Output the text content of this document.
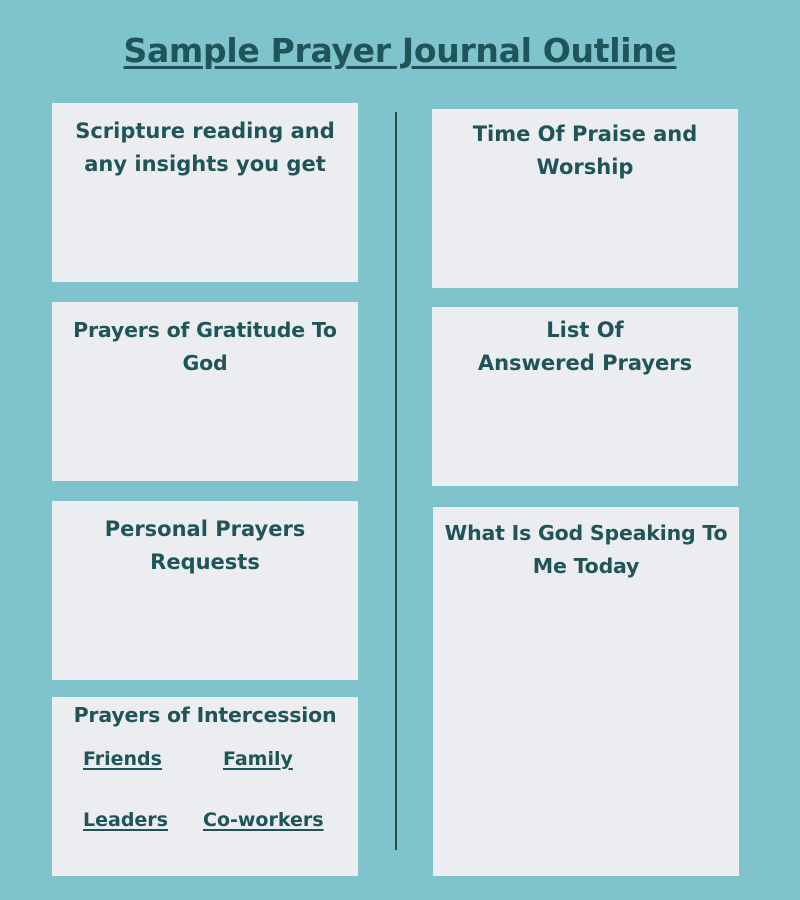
Sample Prayer Journal Outline
Scripture reading and
any insights you get
Prayers of Gratitude To
God
Personal Prayers
Requests
Prayers of Intercession
Friends	Family
Leaders Co-workers
Time Of Praise and
Worship
List Of
Answered Prayers
What Is God Speaking To
Me Today
